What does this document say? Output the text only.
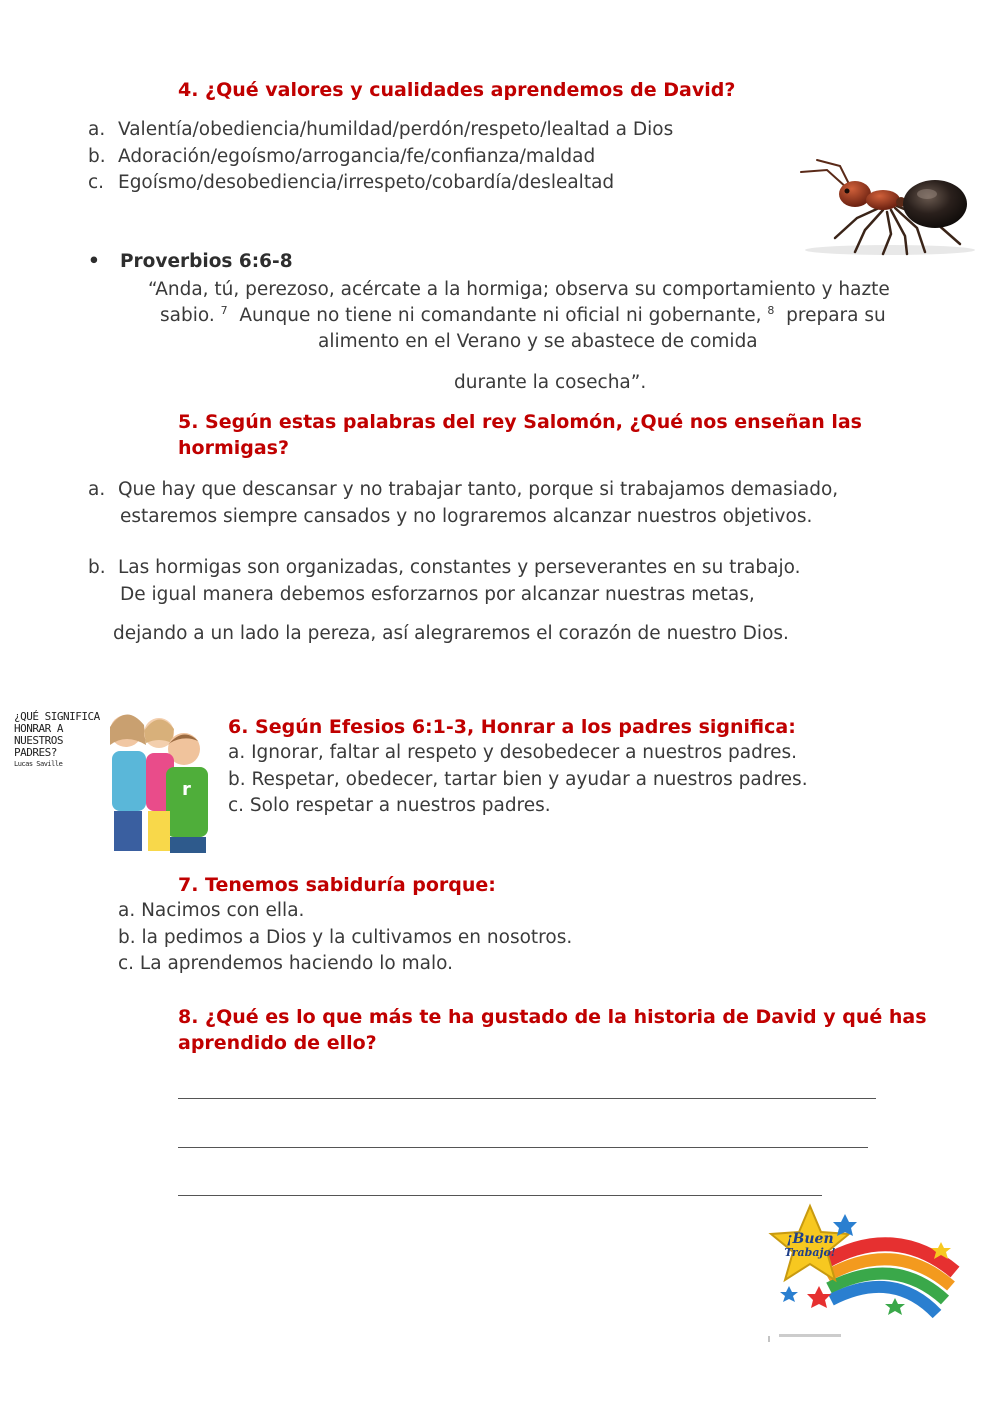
4. ¿Qué valores y cualidades aprendemos de David?
a. Valentía/obediencia/humildad/perdón/respeto/lealtad a Dios
b. Adoración/egoísmo/arrogancia/fe/confianza/maldad
c. Egoísmo/desobediencia/irrespeto/cobardía/deslealtad
• Proverbios 6:6-8
“Anda, tú, perezoso, acércate a la hormiga; observa su comportamiento y hazte
sabio. $^7$ Aunque no tiene ni comandante ni oficial ni gobernante, $^8$ prepara su
alimento en el Verano y se abastece de comida
durante la cosecha”.
5. Según estas palabras del rey Salomón, ¿Qué nos enseñan las
hormigas?
a. Que hay que descansar y no trabajar tanto, porque si trabajamos demasiado,
estaremos siempre cansados y no lograremos alcanzar nuestros objetivos.
b. Las hormigas son organizadas, constantes y perseverantes en su trabajo.
De igual manera debemos esforzarnos por alcanzar nuestras metas,
dejando a un lado la pereza, así alegraremos el corazón de nuestro Dios.
r
¿QUÉ SIGNIFICA
HONRAR A
NUESTROS PADRES?
Lucas Saville
6. Según Efesios 6:1-3, Honrar a los padres significa:
a. Ignorar, faltar al respeto y desobedecer a nuestros padres.
b. Respetar, obedecer, tartar bien y ayudar a nuestros padres.
c. Solo respetar a nuestros padres.
7. Tenemos sabiduría porque:
a. Nacimos con ella.
b. la pedimos a Dios y la cultivamos en nosotros.
c. La aprendemos haciendo lo malo.
8. ¿Qué es lo que más te ha gustado de la historia de David y qué has
aprendido de ello?
¡Buen
Trabajo!
